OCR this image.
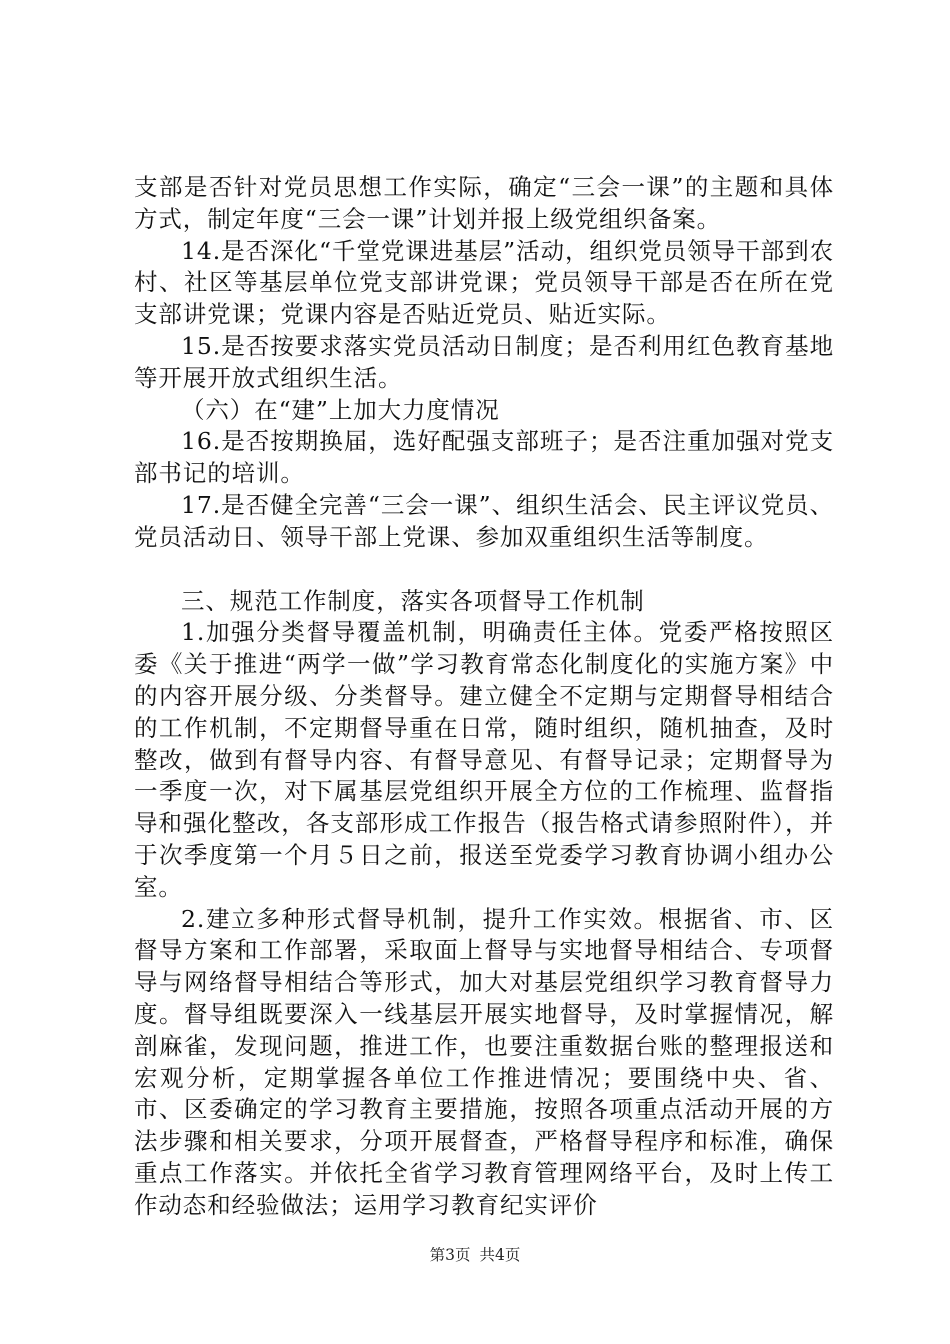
支部是否针对党员思想工作实际，确定“三会一课”的主题和具体方式，制定年度“三会一课”计划并报上级党组织备案。

14.是否深化“千堂党课进基层”活动，组织党员领导干部到农村、社区等基层单位党支部讲党课；党员领导干部是否在所在党支部讲党课；党课内容是否贴近党员、贴近实际。

15.是否按要求落实党员活动日制度；是否利用红色教育基地等开展开放式组织生活。

（六）在“建”上加大力度情况

16.是否按期换届，选好配强支部班子；是否注重加强对党支部书记的培训。

17.是否健全完善“三会一课”、组织生活会、民主评议党员、党员活动日、领导干部上党课、参加双重组织生活等制度。

三、规范工作制度，落实各项督导工作机制

1.加强分类督导覆盖机制，明确责任主体。党委严格按照区委《关于推进“两学一做”学习教育常态化制度化的实施方案》中的内容开展分级、分类督导。建立健全不定期与定期督导相结合的工作机制，不定期督导重在日常，随时组织，随机抽查，及时整改，做到有督导内容、有督导意见、有督导记录；定期督导为一季度一次，对下属基层党组织开展全方位的工作梳理、监督指导和强化整改，各支部形成工作报告（报告格式请参照附件），并于次季度第一个月５日之前，报送至党委学习教育协调小组办公室。

2.建立多种形式督导机制，提升工作实效。根据省、市、区督导方案和工作部署，采取面上督导与实地督导相结合、专项督导与网络督导相结合等形式，加大对基层党组织学习教育督导力度。督导组既要深入一线基层开展实地督导，及时掌握情况，解剖麻雀，发现问题，推进工作，也要注重数据台账的整理报送和宏观分析，定期掌握各单位工作推进情况；要围绕中央、省、市、区委确定的学习教育主要措施，按照各项重点活动开展的方法步骤和相关要求，分项开展督查，严格督导程序和标准，确保重点工作落实。并依托全省学习教育管理网络平台，及时上传工作动态和经验做法；运用学习教育纪实评价

第3页 共4页
